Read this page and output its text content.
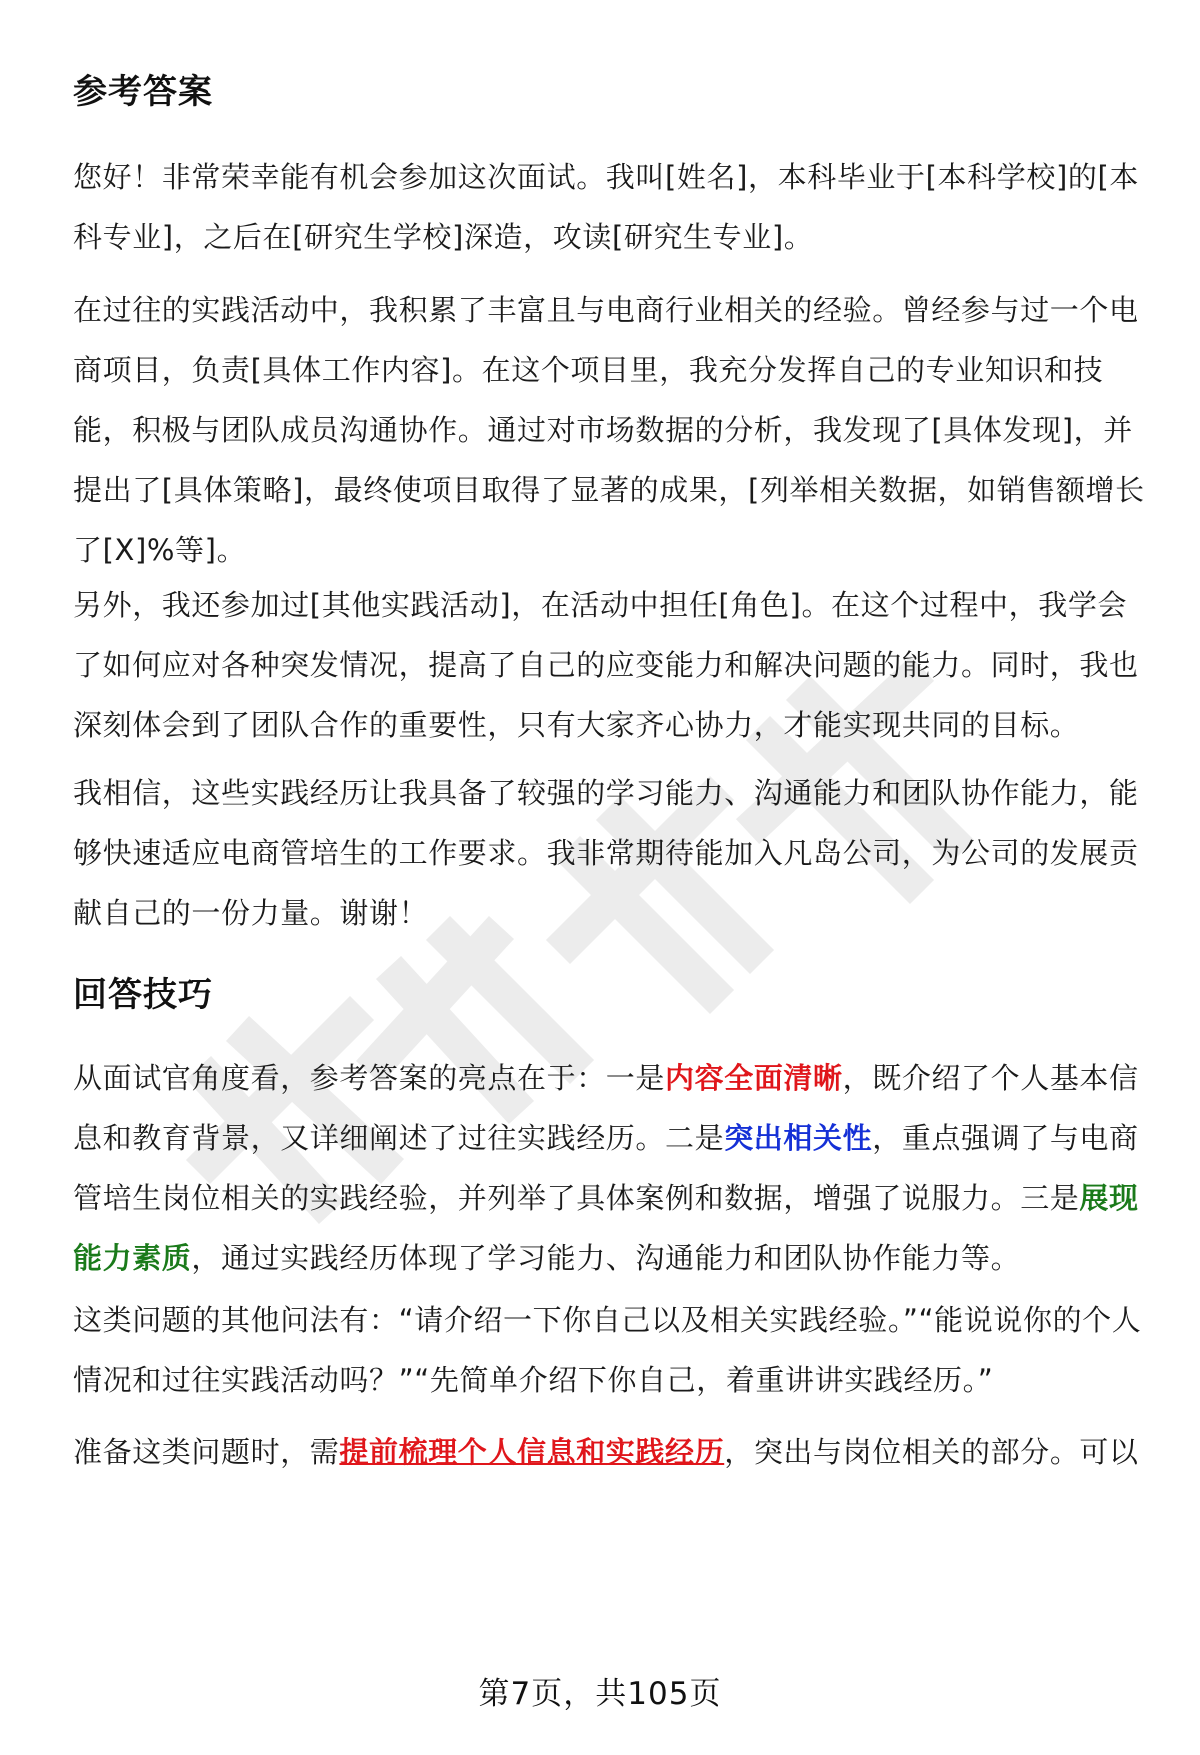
参考答案

您好！非常荣幸能有机会参加这次面试。我叫[姓名]，本科毕业于[本科学校]的[本科专业]，之后在[研究生学校]深造，攻读[研究生专业]。

在过往的实践活动中，我积累了丰富且与电商行业相关的经验。曾经参与过一个电商项目，负责[具体工作内容]。在这个项目里，我充分发挥自己的专业知识和技能，积极与团队成员沟通协作。通过对市场数据的分析，我发现了[具体发现]，并提出了[具体策略]，最终使项目取得了显著的成果，[列举相关数据，如销售额增长了[X]%等]。

另外，我还参加过[其他实践活动]，在活动中担任[角色]。在这个过程中，我学会了如何应对各种突发情况，提高了自己的应变能力和解决问题的能力。同时，我也深刻体会到了团队合作的重要性，只有大家齐心协力，才能实现共同的目标。

我相信，这些实践经历让我具备了较强的学习能力、沟通能力和团队协作能力，能够快速适应电商管培生的工作要求。我非常期待能加入凡岛公司，为公司的发展贡献自己的一份力量。谢谢！

回答技巧

从面试官角度看，参考答案的亮点在于：一是内容全面清晰，既介绍了个人基本信息和教育背景，又详细阐述了过往实践经历。二是突出相关性，重点强调了与电商管培生岗位相关的实践经验，并列举了具体案例和数据，增强了说服力。三是展现能力素质，通过实践经历体现了学习能力、沟通能力和团队协作能力等。

这类问题的其他问法有：“请介绍一下你自己以及相关实践经验。”“能说说你的个人情况和过往实践活动吗？”“先简单介绍下你自己，着重讲讲实践经历。”

准备这类问题时，需提前梳理个人信息和实践经历，突出与岗位相关的部分。可以

第7页，共105页
